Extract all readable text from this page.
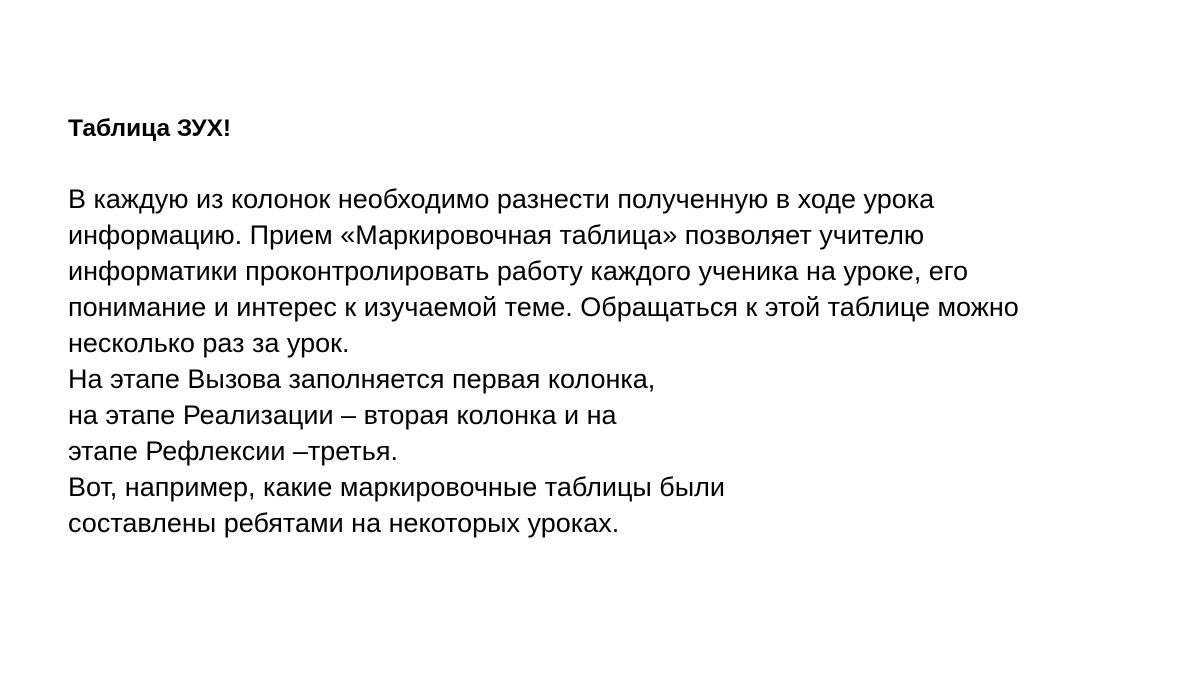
Таблица ЗУХ!
В каждую из колонок необходимо разнести полученную в ходе урока
информацию. Прием «Маркировочная таблица» позволяет учителю
информатики проконтролировать работу каждого ученика на уроке, его
понимание и интерес к изучаемой теме. Обращаться к этой таблице можно
несколько раз за урок.
На этапе Вызова заполняется первая колонка,
на этапе Реализации – вторая колонка и на
этапе Рефлексии –третья.
Вот, например, какие маркировочные таблицы были
составлены ребятами на некоторых уроках.
